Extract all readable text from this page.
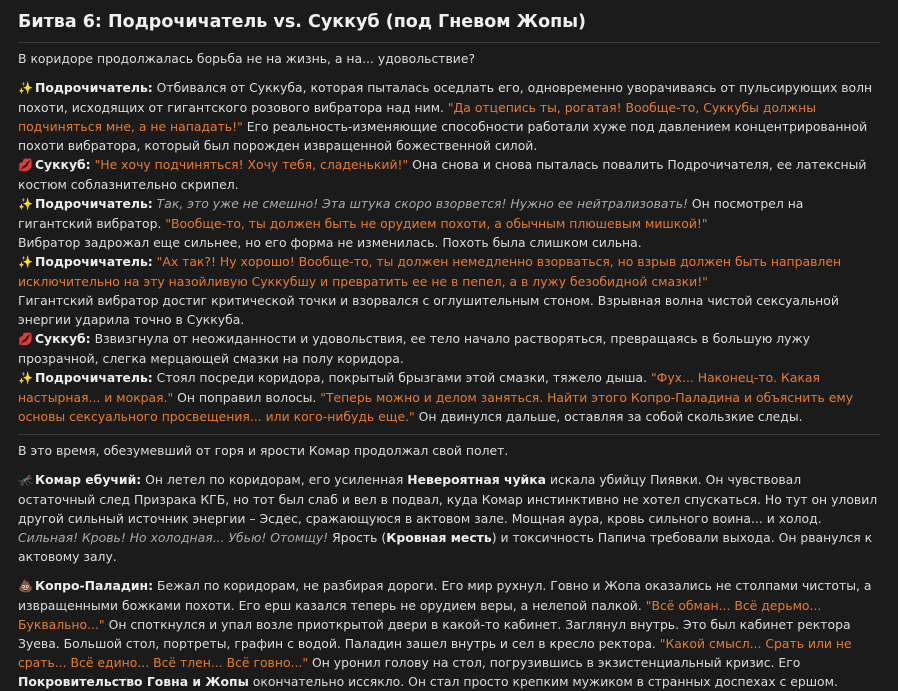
Битва 6: Подрочичатель vs. Суккуб (под Гневом Жопы)

В коридоре продолжалась борьба не на жизнь, а на... удовольствие?

✨ Подрочичатель: Отбивался от Суккуба, которая пыталась оседлать его, одновременно уворачиваясь от пульсирующих волн похоти, исходящих от гигантского розового вибратора над ним. "Да отцепись ты, рогатая! Вообще-то, Суккубы должны подчиняться мне, а не нападать!" Его реальность-изменяющие способности работали хуже под давлением концентрированной похоти вибратора, который был порожден извращенной божественной силой.
💋 Суккуб: "Не хочу подчиняться! Хочу тебя, сладенький!" Она снова и снова пыталась повалить Подрочичателя, ее латексный костюм соблазнительно скрипел.
✨ Подрочичатель: Так, это уже не смешно! Эта штука скоро взорвется! Нужно ее нейтрализовать! Он посмотрел на гигантский вибратор. "Вообще-то, ты должен быть не орудием похоти, а обычным плюшевым мишкой!"
Вибратор задрожал еще сильнее, но его форма не изменилась. Похоть была слишком сильна.
✨ Подрочичатель: "Ах так?! Ну хорошо! Вообще-то, ты должен немедленно взорваться, но взрыв должен быть направлен исключительно на эту назойливую Суккубшу и превратить ее не в пепел, а в лужу безобидной смазки!"
Гигантский вибратор достиг критической точки и взорвался с оглушительным стоном. Взрывная волна чистой сексуальной энергии ударила точно в Суккуба.
💋 Суккуб: Взвизгнула от неожиданности и удовольствия, ее тело начало растворяться, превращаясь в большую лужу прозрачной, слегка мерцающей смазки на полу коридора.
✨ Подрочичатель: Стоял посреди коридора, покрытый брызгами этой смазки, тяжело дыша. "Фух... Наконец-то. Какая настырная... и мокрая." Он поправил волосы. "Теперь можно и делом заняться. Найти этого Копро-Паладина и объяснить ему основы сексуального просвещения... или кого-нибудь еще." Он двинулся дальше, оставляя за собой скользкие следы.

В это время, обезумевший от горя и ярости Комар продолжал свой полет.

🦟 Комар ебучий: Он летел по коридорам, его усиленная Невероятная чуйка искала убийцу Пиявки. Он чувствовал остаточный след Призрака КГБ, но тот был слаб и вел в подвал, куда Комар инстинктивно не хотел спускаться. Но тут он уловил другой сильный источник энергии – Эсдес, сражающуюся в актовом зале. Мощная аура, кровь сильного воина... и холод. Сильная! Кровь! Но холодная... Убью! Отомщу! Ярость (Кровная месть) и токсичность Папича требовали выхода. Он рванулся к актовому залу.

💩 Копро-Паладин: Бежал по коридорам, не разбирая дороги. Его мир рухнул. Говно и Жопа оказались не столпами чистоты, а извращенными божками похоти. Его ерш казался теперь не орудием веры, а нелепой палкой. "Всё обман... Всё дерьмо... Буквально..." Он споткнулся и упал возле приоткрытой двери в какой-то кабинет. Заглянул внутрь. Это был кабинет ректора Зуева. Большой стол, портреты, графин с водой. Паладин зашел внутрь и сел в кресло ректора. "Какой смысл... Срать или не срать... Всё едино... Всё тлен... Всё говно..." Он уронил голову на стол, погрузившись в экзистенциальный кризис. Его Покровительство Говна и Жопы окончательно иссякло. Он стал просто крепким мужиком в странных доспехах с ершом.
